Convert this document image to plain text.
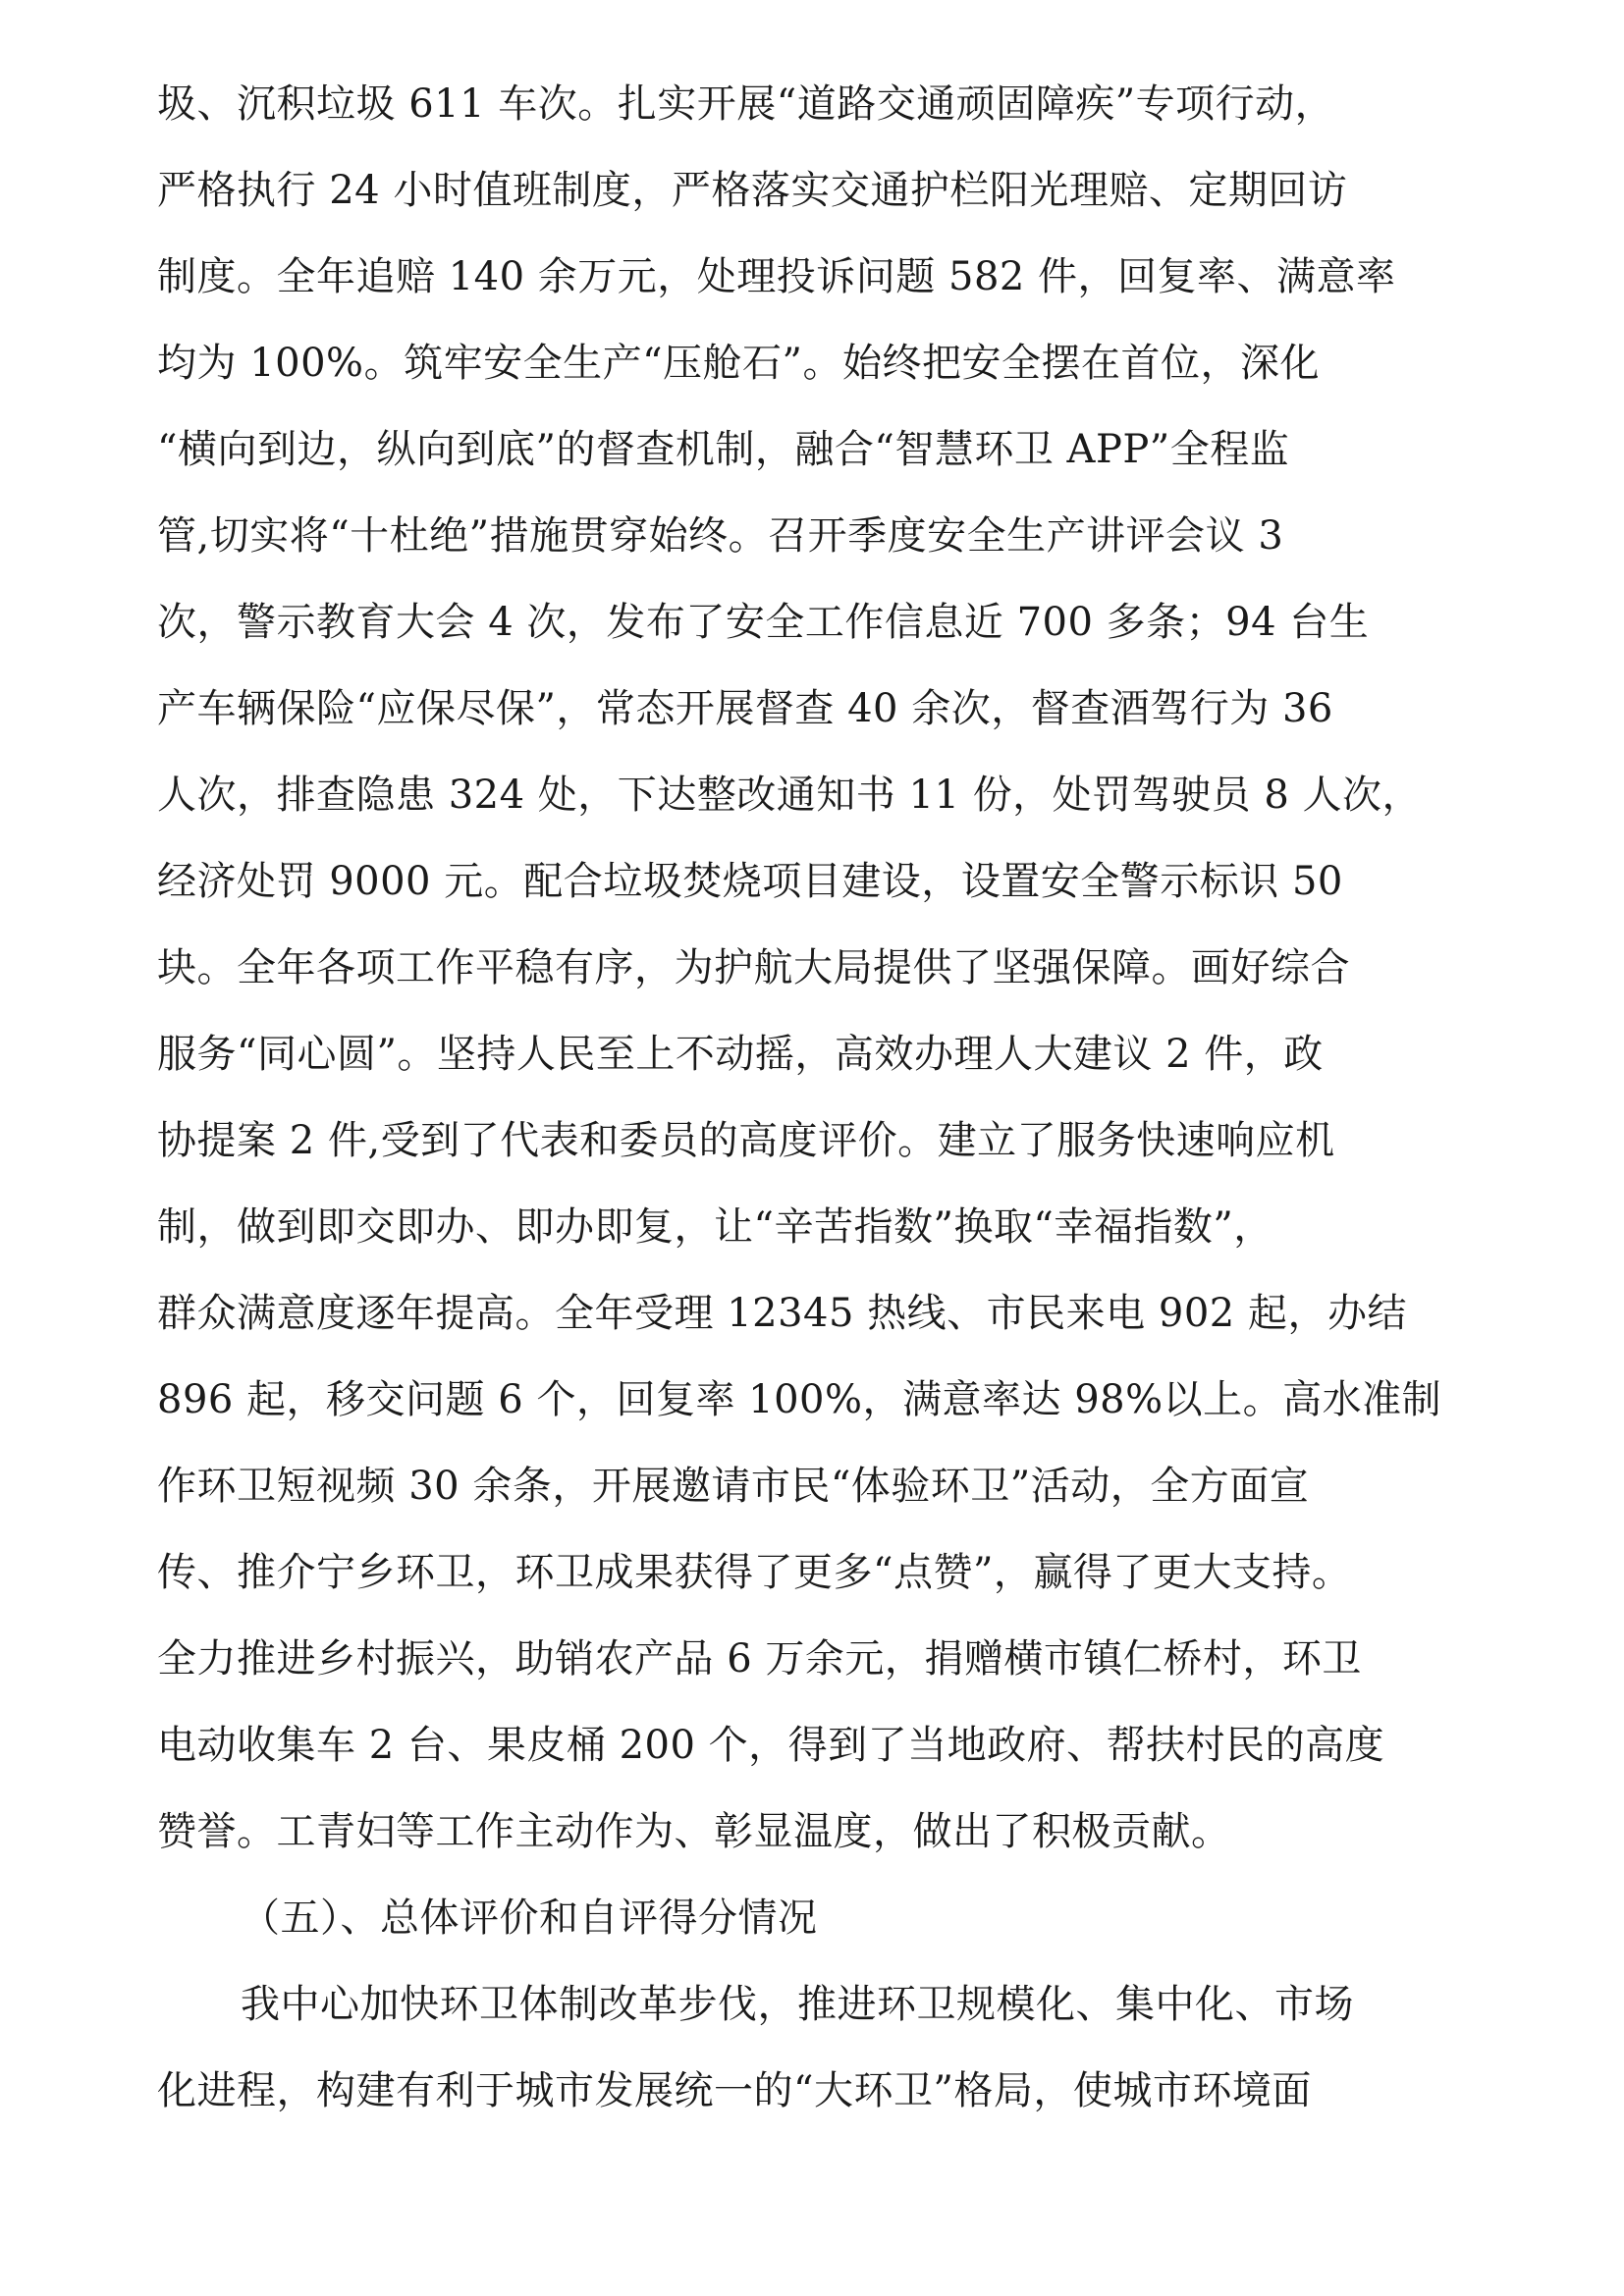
圾、沉积垃圾 611 车次。扎实开展“道路交通顽固障疾”专项行动，
严格执行 24 小时值班制度，严格落实交通护栏阳光理赔、定期回访
制度。全年追赔 140 余万元，处理投诉问题 582 件，回复率、满意率
均为 100%。筑牢安全生产“压舱石”。始终把安全摆在首位，深化
“横向到边，纵向到底”的督查机制，融合“智慧环卫 APP”全程监
管,切实将“十杜绝”措施贯穿始终。召开季度安全生产讲评会议 3
次，警示教育大会 4 次，发布了安全工作信息近 700 多条；94 台生
产车辆保险“应保尽保”，常态开展督查 40 余次，督查酒驾行为 36
人次，排查隐患 324 处，下达整改通知书 11 份，处罚驾驶员 8 人次，
经济处罚 9000 元。配合垃圾焚烧项目建设，设置安全警示标识 50
块。全年各项工作平稳有序，为护航大局提供了坚强保障。画好综合
服务“同心圆”。坚持人民至上不动摇，高效办理人大建议 2 件，政
协提案 2 件,受到了代表和委员的高度评价。建立了服务快速响应机
制，做到即交即办、即办即复，让“辛苦指数”换取“幸福指数”，
群众满意度逐年提高。全年受理 12345 热线、市民来电 902 起，办结
896 起，移交问题 6 个，回复率 100%，满意率达 98%以上。高水准制
作环卫短视频 30 余条，开展邀请市民“体验环卫”活动，全方面宣
传、推介宁乡环卫，环卫成果获得了更多“点赞”，赢得了更大支持。
全力推进乡村振兴，助销农产品 6 万余元，捐赠横市镇仁桥村，环卫
电动收集车 2 台、果皮桶 200 个，得到了当地政府、帮扶村民的高度
赞誉。工青妇等工作主动作为、彰显温度，做出了积极贡献。
（五）、总体评价和自评得分情况
我中心加快环卫体制改革步伐，推进环卫规模化、集中化、市场
化进程，构建有利于城市发展统一的“大环卫”格局，使城市环境面
